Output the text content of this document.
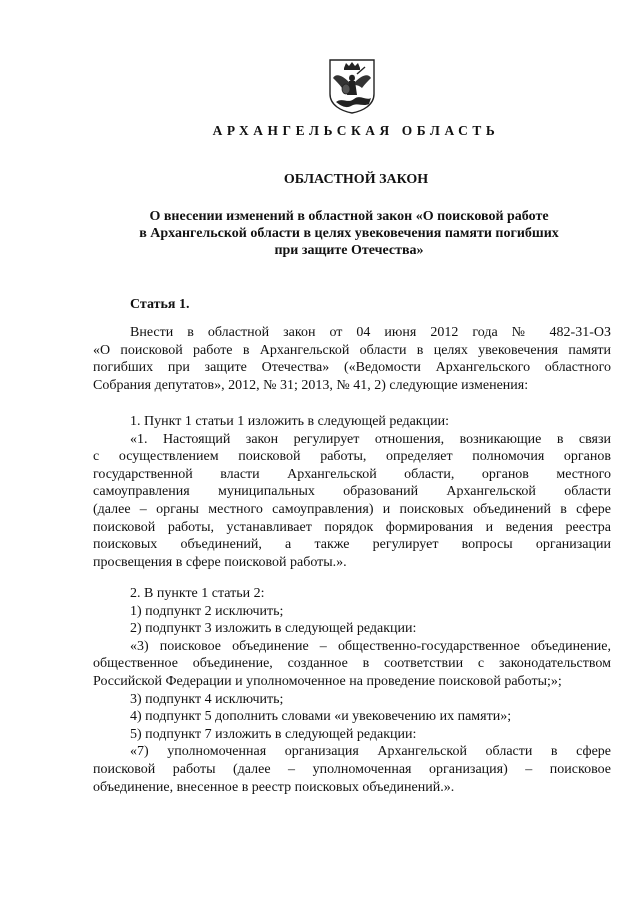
АРХАНГЕЛЬСКАЯ ОБЛАСТЬ
ОБЛАСТНОЙ ЗАКОН
О внесении изменений в областной закон «О поисковой работе
в Архангельской области в целях увековечения памяти погибших
при защите Отечества»
Статья 1.
Внести в областной закон от 04 июня 2012 года № 482-31-ОЗ
«О поисковой работе в Архангельской области в целях увековечения памяти
погибших при защите Отечества» («Ведомости Архангельского областного
Собрания депутатов», 2012, № 31; 2013, № 41, 2) следующие изменения:
1. Пункт 1 статьи 1 изложить в следующей редакции:
«1. Настоящий закон регулирует отношения, возникающие в связи
с осуществлением поисковой работы, определяет полномочия органов
государственной власти Архангельской области, органов местного
самоуправления муниципальных образований Архангельской области
(далее – органы местного самоуправления) и поисковых объединений в сфере
поисковой работы, устанавливает порядок формирования и ведения реестра
поисковых объединений, а также регулирует вопросы организации
просвещения в сфере поисковой работы.».
2. В пункте 1 статьи 2:
1) подпункт 2 исключить;
2) подпункт 3 изложить в следующей редакции:
«3) поисковое объединение – общественно-государственное объединение,
общественное объединение, созданное в соответствии с законодательством
Российской Федерации и уполномоченное на проведение поисковой работы;»;
3) подпункт 4 исключить;
4) подпункт 5 дополнить словами «и увековечению их памяти»;
5) подпункт 7 изложить в следующей редакции:
«7) уполномоченная организация Архангельской области в сфере
поисковой работы (далее – уполномоченная организация) – поисковое
объединение, внесенное в реестр поисковых объединений.».
